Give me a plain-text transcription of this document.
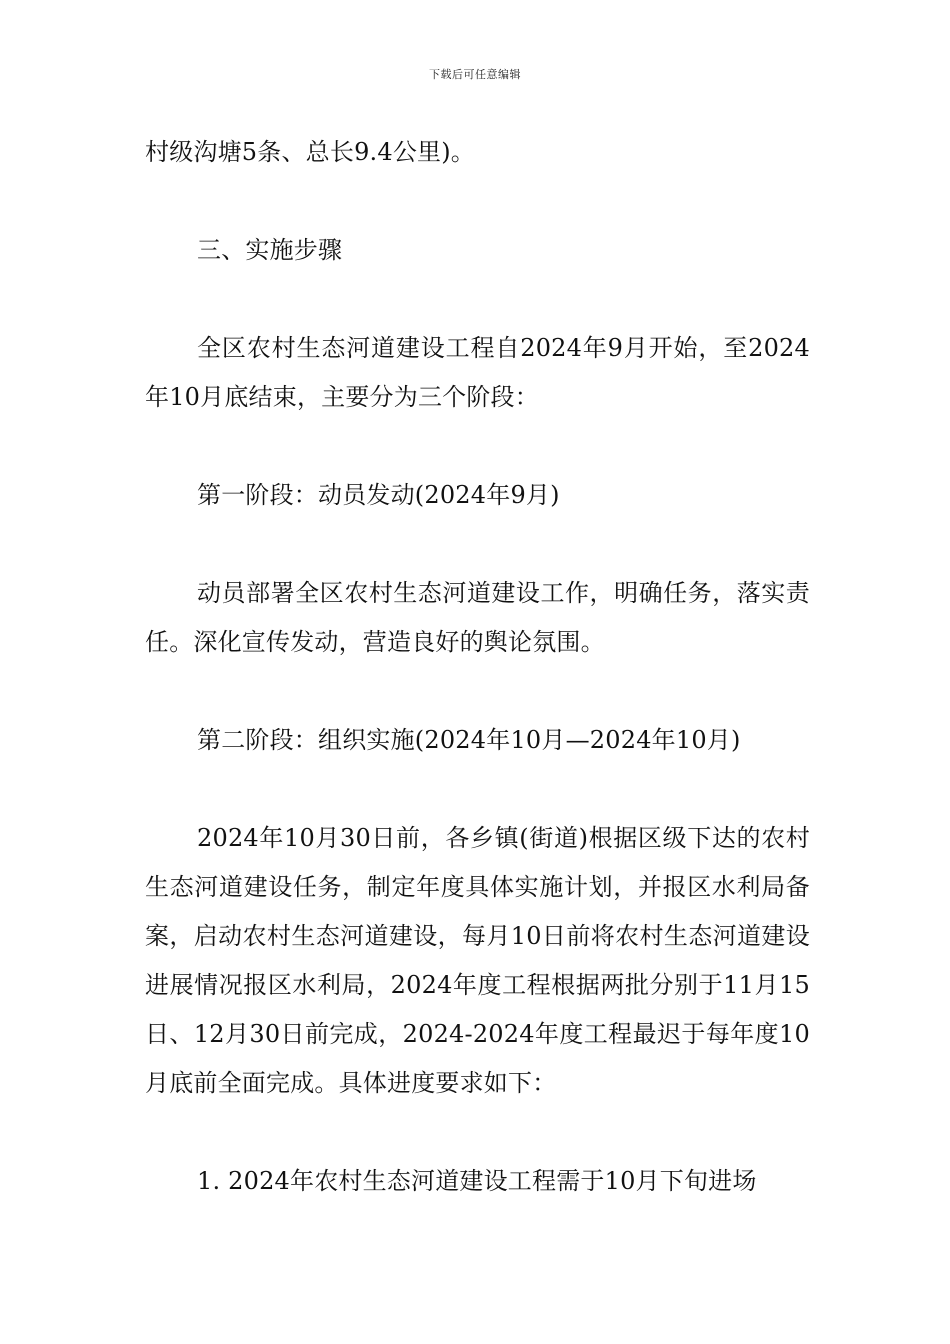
下载后可任意编辑

村级沟塘5条、总长9.4公里)。

三、实施步骤

全区农村生态河道建设工程自2024年9月开始，至2024年10月底结束，主要分为三个阶段：

第一阶段：动员发动(2024年9月)

动员部署全区农村生态河道建设工作，明确任务，落实责任。深化宣传发动，营造良好的舆论氛围。

第二阶段：组织实施(2024年10月—2024年10月)

2024年10月30日前，各乡镇(街道)根据区级下达的农村生态河道建设任务，制定年度具体实施计划，并报区水利局备案，启动农村生态河道建设，每月10日前将农村生态河道建设进展情况报区水利局，2024年度工程根据两批分别于11月15日、12月30日前完成，2024-2024年度工程最迟于每年度10月底前全面完成。具体进度要求如下：

1. 2024年农村生态河道建设工程需于10月下旬进场
